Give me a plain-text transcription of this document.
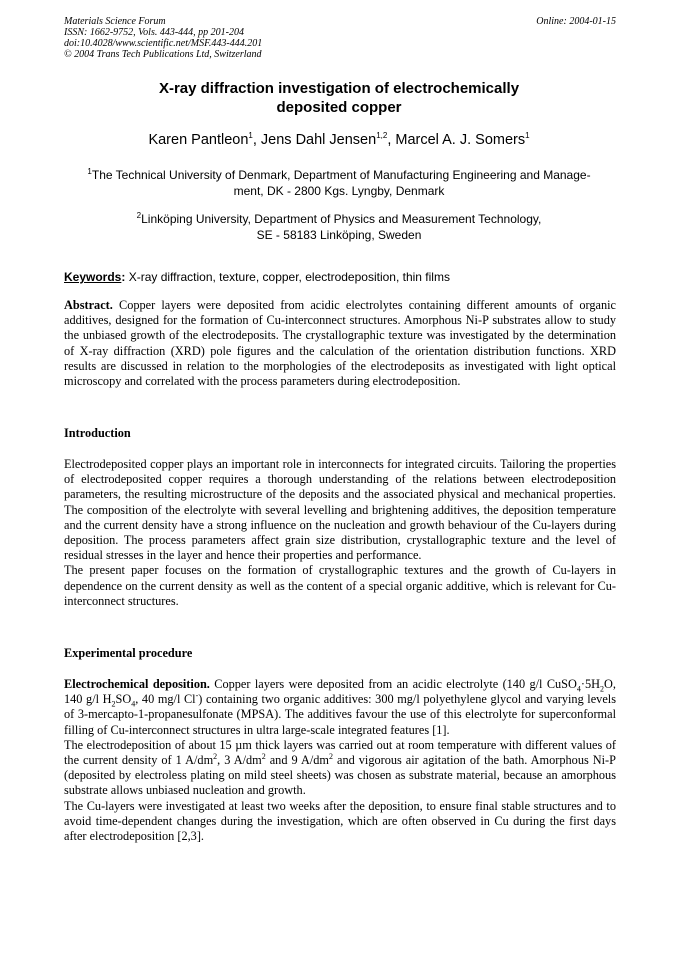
Materials Science Forum
ISSN: 1662-9752, Vols. 443-444, pp 201-204
doi:10.4028/www.scientific.net/MSF.443-444.201
© 2004 Trans Tech Publications Ltd, Switzerland
Online: 2004-01-15
X-ray diffraction investigation of electrochemically
deposited copper
Karen Pantleon$^1$, Jens Dahl Jensen$^{1,2}$, Marcel A. J. Somers$^1$
$^1$The Technical University of Denmark, Department of Manufacturing Engineering and Manage-
ment, DK - 2800 Kgs. Lyngby, Denmark
$^2$Linköping University, Department of Physics and Measurement Technology,
SE - 58183 Linköping, Sweden
Keywords: X-ray diffraction, texture, copper, electrodeposition, thin films

Abstract. Copper layers were deposited from acidic electrolytes containing different amounts of organic additives, designed for the formation of Cu-interconnect structures. Amorphous Ni-P substrates allow to study the unbiased growth of the electrodeposits. The crystallographic texture was investigated by the determination of X-ray diffraction (XRD) pole figures and the calculation of the orientation distribution functions. XRD results are discussed in relation to the morphologies of the electrodeposits as investigated with light optical microscopy and correlated with the process parameters during electrodeposition.

Introduction

Electrodeposited copper plays an important role in interconnects for integrated circuits. Tailoring the properties of electrodeposited copper requires a thorough understanding of the relations between electrodeposition parameters, the resulting microstructure of the deposits and the associated physical and mechanical properties. The composition of the electrolyte with several levelling and brightening additives, the deposition temperature and the current density have a strong influence on the nucleation and growth behaviour of the Cu-layers during deposition. The process parameters affect grain size distribution, crystallographic texture and the level of residual stresses in the layer and hence their properties and performance.

The present paper focuses on the formation of crystallographic textures and the growth of Cu-layers in dependence on the current density as well as the content of a special organic additive, which is relevant for Cu-interconnect structures.

Experimental procedure

Electrochemical deposition. Copper layers were deposited from an acidic electrolyte (140 g/l $CuSO_4\cdot 5H_2O$, 140 g/l $H_2SO_4$, 40 mg/l Cl-) containing two organic additives: 300 mg/l polyethylene glycol and varying levels of 3-mercapto-1-propanesulfonate (MPSA). The additives favour the use of this electrolyte for superconformal filling of Cu-interconnect structures in ultra large-scale integrated features [1].

The electrodeposition of about 15 µm thick layers was carried out at room temperature with different values of the current density of 1 $A/dm^2$, 3 $A/dm^2$ and 9 $A/dm^2$ and vigorous air agitation of the bath. Amorphous Ni-P (deposited by electroless plating on mild steel sheets) was chosen as substrate material, because an amorphous substrate allows unbiased nucleation and growth.

The Cu-layers were investigated at least two weeks after the deposition, to ensure final stable structures and to avoid time-dependent changes during the investigation, which are often observed in Cu during the first days after electrodeposition [2,3].
